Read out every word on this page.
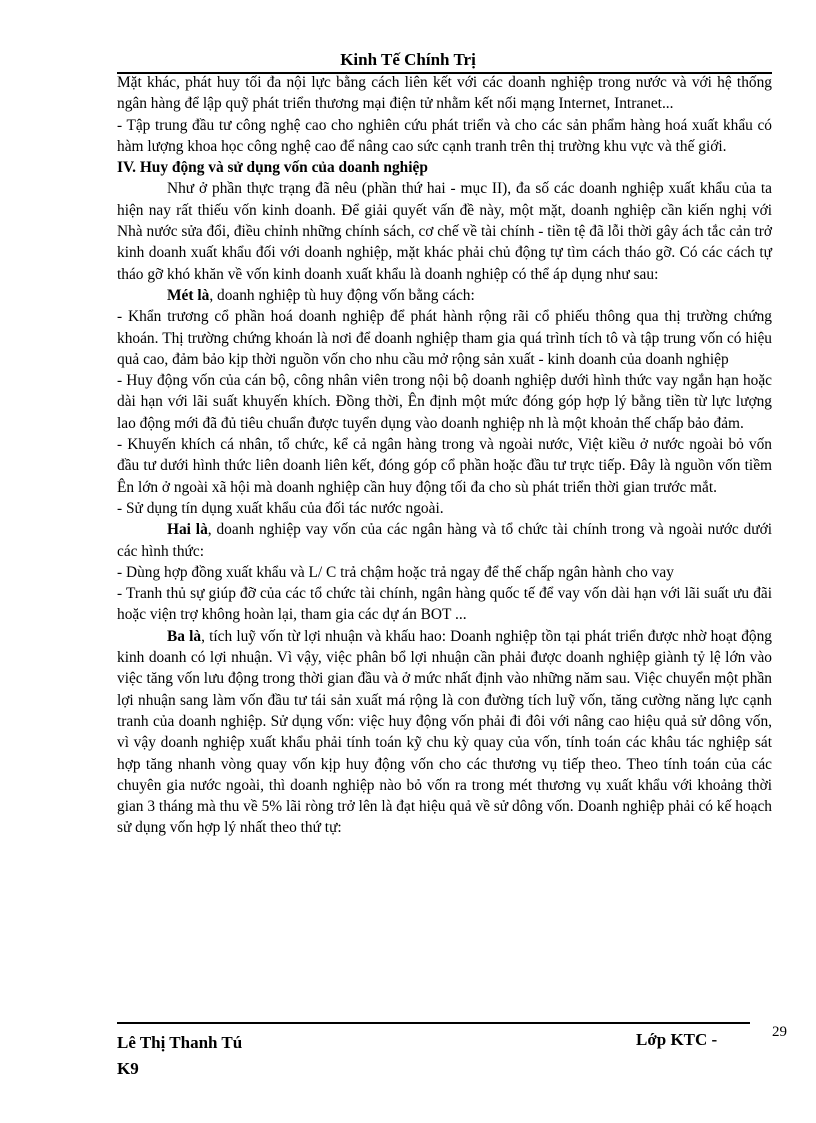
Kinh Tế Chính Trị

Mặt khác, phát huy tối đa nội lực bằng cách liên kết với các doanh nghiệp trong nước và với hệ thống ngân hàng để lập quỹ phát triển thương mại điện tử nhằm kết nối mạng Internet, Intranet...

- Tập trung đầu tư công nghệ cao cho nghiên cứu phát triển và cho các sản phẩm hàng hoá xuất khẩu có hàm lượng khoa học công nghệ cao để nâng cao sức cạnh tranh trên thị trường khu vực và thế giới.

IV. Huy động và sử dụng vốn của doanh nghiệp

Như ở phần thực trạng đã nêu (phần thứ hai - mục II), đa số các doanh nghiệp xuất khẩu của ta hiện nay rất thiếu vốn kinh doanh. Để giải quyết vấn đề này, một mặt, doanh nghiệp cần kiến nghị với Nhà nước sửa đổi, điều chỉnh những chính sách, cơ chế về tài chính - tiền tệ đã lỗi thời gây ách tắc cản trở kinh doanh xuất khẩu đối với doanh nghiệp, mặt khác phải chủ động tự tìm cách tháo gỡ. Có các cách tự tháo gỡ khó khăn về vốn kinh doanh xuất khẩu là doanh nghiệp có thể áp dụng như sau:

Mét là, doanh nghiệp tù huy động vốn bằng cách:

- Khẩn trương cổ phần hoá doanh nghiệp để phát hành rộng rãi cổ phiếu thông qua thị trường chứng khoán. Thị trường chứng khoán là nơi để doanh nghiệp tham gia quá trình tích tô và tập trung vốn có hiệu quả cao, đảm bảo kịp thời nguồn vốn cho nhu cầu mở rộng sản xuất - kinh doanh của doanh nghiệp

- Huy động vốn của cán bộ, công nhân viên trong nội bộ doanh nghiệp dưới hình thức vay ngắn hạn hoặc dài hạn với lãi suất khuyến khích. Đồng thời, Ên định một mức đóng góp hợp lý bằng tiền từ lực lượng lao động mới đã đủ tiêu chuẩn được tuyển dụng vào doanh nghiệp nh là một khoản thế chấp bảo đảm.

- Khuyến khích cá nhân, tổ chức, kể cả ngân hàng trong và ngoài nước, Việt kiều ở nước ngoài bỏ vốn đầu tư dưới hình thức liên doanh liên kết, đóng góp cổ phần hoặc đầu tư trực tiếp. Đây là nguồn vốn tiềm Ên lớn ở ngoài xã hội mà doanh nghiệp cần huy động tối đa cho sù phát triển thời gian trước mắt.

- Sử dụng tín dụng xuất khẩu của đối tác nước ngoài.

Hai là, doanh nghiệp vay vốn của các ngân hàng và tổ chức tài chính trong và ngoài nước dưới các hình thức:

- Dùng hợp đồng xuất khẩu và L/ C trả chậm hoặc trả ngay để thế chấp ngân hành cho vay

- Tranh thủ sự giúp đỡ của các tổ chức tài chính, ngân hàng quốc tế để vay vốn dài hạn với lãi suất ưu đãi hoặc viện trợ không hoàn lại, tham gia các dự án BOT ...

Ba là, tích luỹ vốn từ lợi nhuận và khấu hao: Doanh nghiệp tồn tại phát triển được nhờ hoạt động kinh doanh có lợi nhuận. Vì vậy, việc phân bổ lợi nhuận cần phải được doanh nghiệp giành tỷ lệ lớn vào việc tăng vốn lưu động trong thời gian đầu và ở mức nhất định vào những năm sau. Việc chuyển một phần lợi nhuận sang làm vốn đầu tư tái sản xuất má rộng là con đường tích luỹ vốn, tăng cường năng lực cạnh tranh của doanh nghiệp. Sử dụng vốn: việc huy động vốn phải đi đôi với nâng cao hiệu quả sử dông vốn, vì vậy doanh nghiệp xuất khẩu phải tính toán kỹ chu kỳ quay của vốn, tính toán các khâu tác nghiệp sát hợp tăng nhanh vòng quay vốn kịp huy động vốn cho các thương vụ tiếp theo. Theo tính toán của các chuyên gia nước ngoài, thì doanh nghiệp nào bỏ vốn ra trong mét thương vụ xuất khẩu với khoảng thời gian 3 tháng mà thu về 5% lãi ròng trở lên là đạt hiệu quả về sử dông vốn. Doanh nghiệp phải có kế hoạch sử dụng vốn hợp lý nhất theo thứ tự:

Lê Thị Thanh Tú
K9
Lớp KTC -	29
